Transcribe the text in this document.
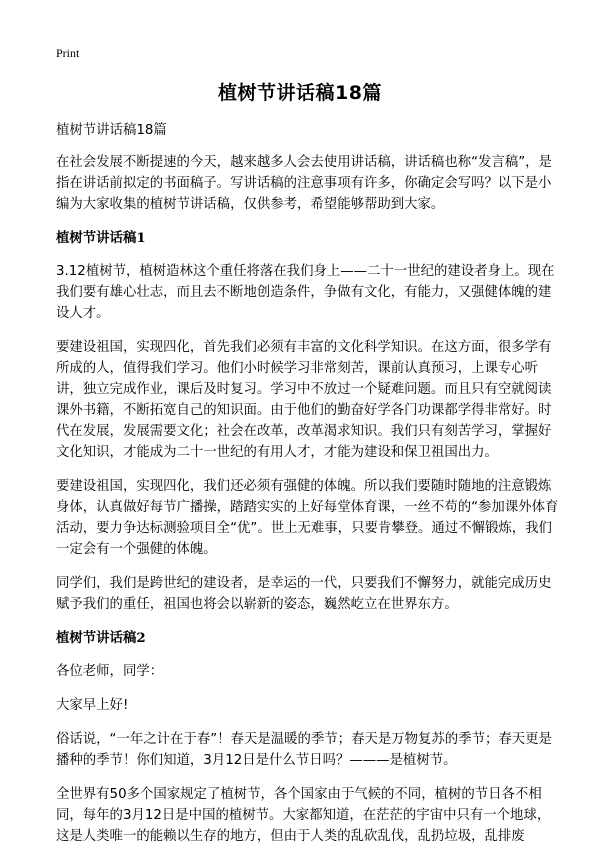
Print
植树节讲话稿18篇

植树节讲话稿18篇

在社会发展不断提速的今天，越来越多人会去使用讲话稿，讲话稿也称“发言稿”，是指在讲话前拟定的书面稿子。写讲话稿的注意事项有许多，你确定会写吗？以下是小编为大家收集的植树节讲话稿，仅供参考，希望能够帮助到大家。

植树节讲话稿1

3.12植树节，植树造林这个重任将落在我们身上——二十一世纪的建设者身上。现在我们要有雄心壮志，而且去不断地创造条件，争做有文化，有能力，又强健体魄的建设人才。

要建设祖国，实现四化，首先我们必须有丰富的文化科学知识。在这方面，很多学有所成的人，值得我们学习。他们小时候学习非常刻苦，课前认真预习，上课专心听讲，独立完成作业，课后及时复习。学习中不放过一个疑难问题。而且只有空就阅读课外书籍，不断拓宽自己的知识面。由于他们的勤奋好学各门功课都学得非常好。时代在发展，发展需要文化；社会在改革，改革渴求知识。我们只有刻苦学习，掌握好文化知识，才能成为二十一世纪的有用人才，才能为建设和保卫祖国出力。

要建设祖国，实现四化，我们还必须有强健的体魄。所以我们要随时随地的注意锻炼身体，认真做好每节广播操，踏踏实实的上好每堂体育课，一丝不苟的“参加课外体育活动，要力争达标测验项目全“优”。世上无难事，只要肯攀登。通过不懈锻炼，我们一定会有一个强健的体魄。

同学们，我们是跨世纪的建设者，是幸运的一代，只要我们不懈努力，就能完成历史赋予我们的重任，祖国也将会以崭新的姿态，巍然屹立在世界东方。

植树节讲话稿2

各位老师，同学：

大家早上好!

俗话说，“一年之计在于春”！春天是温暖的季节；春天是万物复苏的季节；春天更是播种的季节！你们知道，3月12日是什么节日吗？———是植树节。

全世界有50多个国家规定了植树节，各个国家由于气候的不同，植树的节日各不相同，每年的3月12日是中国的植树节。大家都知道，在茫茫的宇宙中只有一个地球，这是人类唯一的能赖以生存的地方，但由于人类的乱砍乱伐，乱扔垃圾，乱排废
